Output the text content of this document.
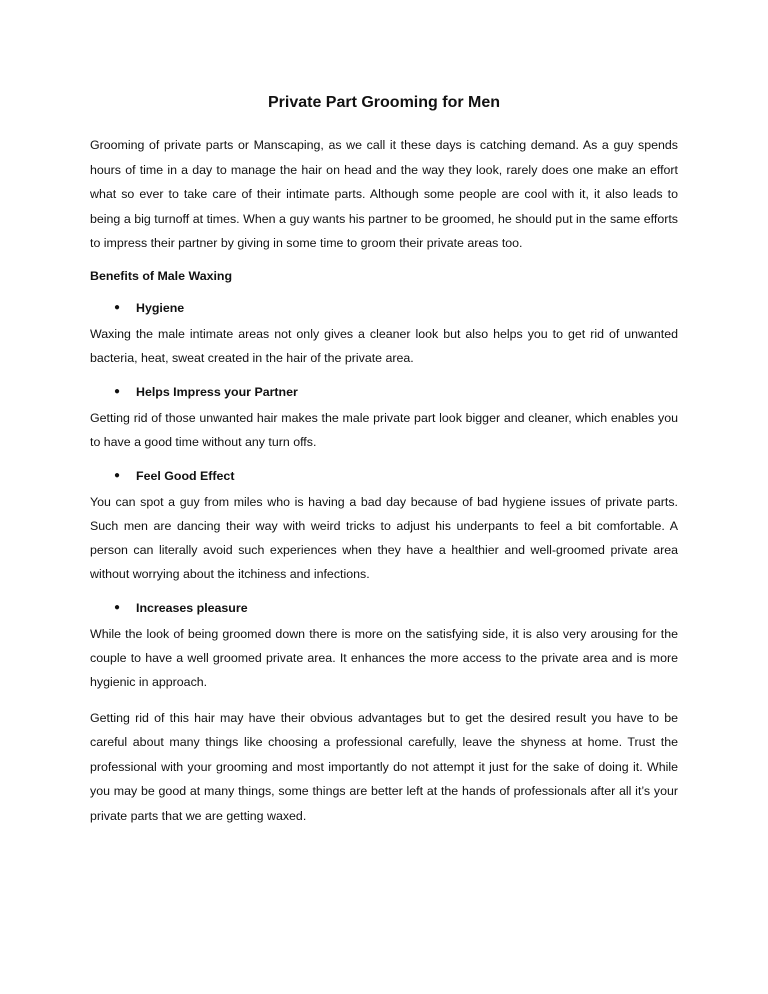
Private Part Grooming for Men

Grooming of private parts or Manscaping, as we call it these days is catching demand. As a guy spends hours of time in a day to manage the hair on head and the way they look, rarely does one make an effort what so ever to take care of their intimate parts. Although some people are cool with it, it also leads to being a big turnoff at times. When a guy wants his partner to be groomed, he should put in the same efforts to impress their partner by giving in some time to groom their private areas too.

Benefits of Male Waxing
●	Hygiene

Waxing the male intimate areas not only gives a cleaner look but also helps you to get rid of unwanted bacteria, heat, sweat created in the hair of the private area.

●	Helps Impress your Partner

Getting rid of those unwanted hair makes the male private part look bigger and cleaner, which enables you to have a good time without any turn offs.

●	Feel Good Effect

You can spot a guy from miles who is having a bad day because of bad hygiene issues of private parts. Such men are dancing their way with weird tricks to adjust his underpants to feel a bit comfortable. A person can literally avoid such experiences when they have a healthier and well-groomed private area without worrying about the itchiness and infections.

●	Increases pleasure

While the look of being groomed down there is more on the satisfying side, it is also very arousing for the couple to have a well groomed private area. It enhances the more access to the private area and is more hygienic in approach.

Getting rid of this hair may have their obvious advantages but to get the desired result you have to be careful about many things like choosing a professional carefully, leave the shyness at home. Trust the professional with your grooming and most importantly do not attempt it just for the sake of doing it. While you may be good at many things, some things are better left at the hands of professionals after all it’s your private parts that we are getting waxed.
